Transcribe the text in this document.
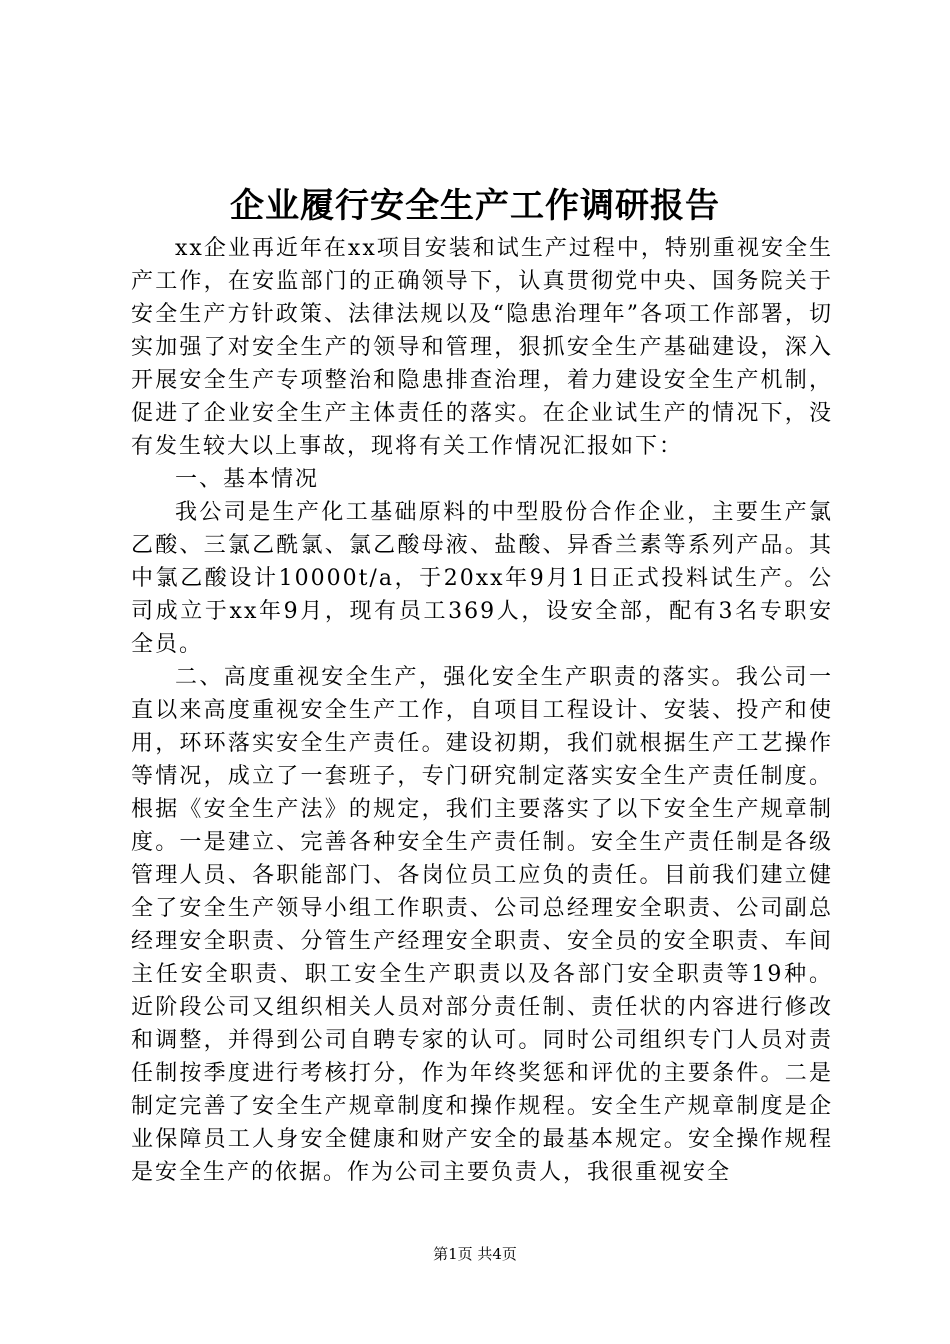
企业履行安全生产工作调研报告

xx企业再近年在xx项目安装和试生产过程中，特别重视安全生产工作，在安监部门的正确领导下，认真贯彻党中央、国务院关于安全生产方针政策、法律法规以及“隐患治理年”各项工作部署，切实加强了对安全生产的领导和管理，狠抓安全生产基础建设，深入开展安全生产专项整治和隐患排查治理，着力建设安全生产机制，促进了企业安全生产主体责任的落实。在企业试生产的情况下，没有发生较大以上事故，现将有关工作情况汇报如下：

一、基本情况

我公司是生产化工基础原料的中型股份合作企业，主要生产氯乙酸、三氯乙酰氯、氯乙酸母液、盐酸、异香兰素等系列产品。其中氯乙酸设计10000t/a，于20xx年9月1日正式投料试生产。公司成立于xx年9月，现有员工369人，设安全部，配有3名专职安全员。

二、高度重视安全生产，强化安全生产职责的落实。我公司一直以来高度重视安全生产工作，自项目工程设计、安装、投产和使用，环环落实安全生产责任。建设初期，我们就根据生产工艺操作等情况，成立了一套班子，专门研究制定落实安全生产责任制度。根据《安全生产法》的规定，我们主要落实了以下安全生产规章制度。一是建立、完善各种安全生产责任制。安全生产责任制是各级管理人员、各职能部门、各岗位员工应负的责任。目前我们建立健全了安全生产领导小组工作职责、公司总经理安全职责、公司副总经理安全职责、分管生产经理安全职责、安全员的安全职责、车间主任安全职责、职工安全生产职责以及各部门安全职责等19种。近阶段公司又组织相关人员对部分责任制、责任状的内容进行修改和调整，并得到公司自聘专家的认可。同时公司组织专门人员对责任制按季度进行考核打分，作为年终奖惩和评优的主要条件。二是制定完善了安全生产规章制度和操作规程。安全生产规章制度是企业保障员工人身安全健康和财产安全的最基本规定。安全操作规程是安全生产的依据。作为公司主要负责人，我很重视安全

第1页 共4页
